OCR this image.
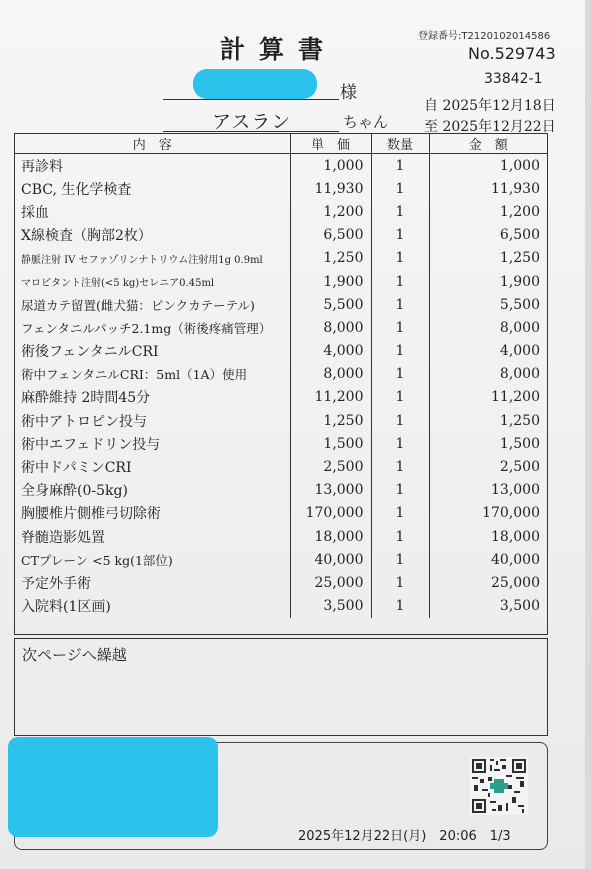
計算書	登録番号:T2120102014586
No.529743
33842-1
自 2025年12月18日
至 2025年12月22日
様
アスラン	ちゃん
内　容	単　価	数量	金　額
再診料	1,000	1	1,000
CBC, 生化学検査	11,930	1	11,930
採血	1,200	1	1,200
X線検査（胸部2枚）	6,500	1	6,500
静脈注射 IV セファゾリンナトリウム注射用1g 0.9ml	1,250	1	1,250
マロピタント注射(<5 kg)セレニア0.45ml	1,900	1	1,900
尿道カテ留置(雌犬猫：ピンクカテーテル)	5,500	1	5,500
フェンタニルパッチ2.1mg（術後疼痛管理）	8,000	1	8,000
術後フェンタニルCRI	4,000	1	4,000
術中フェンタニルCRI：5ml（1A）使用	8,000	1	8,000
麻酔維持 2時間45分	11,200	1	11,200
術中アトロピン投与	1,250	1	1,250
術中エフェドリン投与	1,500	1	1,500
術中ドパミンCRI	2,500	1	2,500
全身麻酔(0-5kg)	13,000	1	13,000
胸腰椎片側椎弓切除術	170,000	1	170,000
脊髄造影処置	18,000	1	18,000
CTプレーン <5 kg(1部位)	40,000	1	40,000
予定外手術	25,000	1	25,000
入院料(1区画)	3,500	1	3,500
次ページへ繰越
2025年12月22日(月)　20:06　1/3
